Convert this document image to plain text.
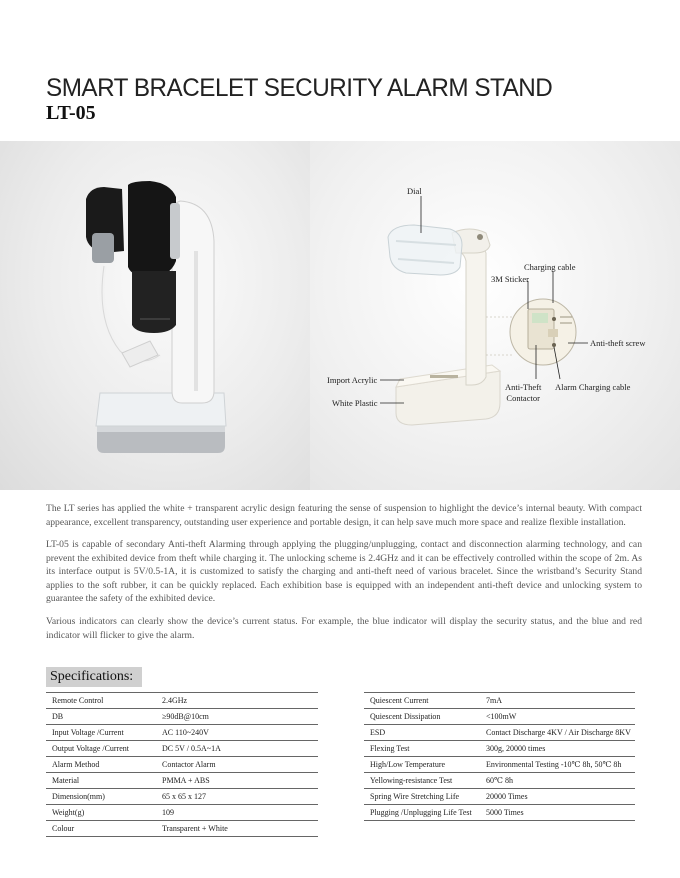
SMART BRACELET SECURITY ALARM STAND
LT-05
Dial
Charging cable
3M Sticker
Anti-theft screw
Import Acrylic
White Plastic
Anti-Theft
Contactor
Alarm Charging cable

The LT series has applied the white + transparent acrylic design featuring the sense of suspension to highlight the device’s internal beauty. With compact appearance, excellent transparency, outstanding user experience and portable design, it can help save much more space and realize flexible installation.

LT-05 is capable of secondary Anti-theft Alarming through applying the plugging/unplugging, contact and disconnection alarming technology, and can prevent the exhibited device from theft while charging it. The unlocking scheme is 2.4GHz and it can be effectively controlled within the scope of 2m. As its interface output is 5V/0.5-1A, it is customized to satisfy the charging and anti-theft need of various bracelet. Since the wristband’s Security Stand applies to the soft rubber, it can be quickly replaced. Each exhibition base is equipped with an independent anti-theft device and unlocking system to guarantee the safety of the exhibited device.

Various indicators can clearly show the device’s current status. For example, the blue indicator will display the security status, and the blue and red indicator will flicker to give the alarm.

Specifications:
Remote Control	2.4GHz
DB	≥90dB@10cm
Input Voltage /Current	AC 110~240V
Output Voltage /Current	DC 5V / 0.5A~1A
Alarm Method	Contactor Alarm
Material	PMMA + ABS
Dimension(mm)	65 x 65 x 127
Weight(g)	109
Colour	Transparent + White
Quiescent Current	7mA
Quiescent Dissipation	<100mW
ESD	Contact Discharge 4KV / Air Discharge 8KV
Flexing Test	300g, 20000 times
High/Low Temperature	Environmental Testing -10℃ 8h, 50℃ 8h
Yellowing-resistance Test	60℃ 8h
Spring Wire Stretching Life	20000 Times
Plugging /Unplugging Life Test	5000 Times
